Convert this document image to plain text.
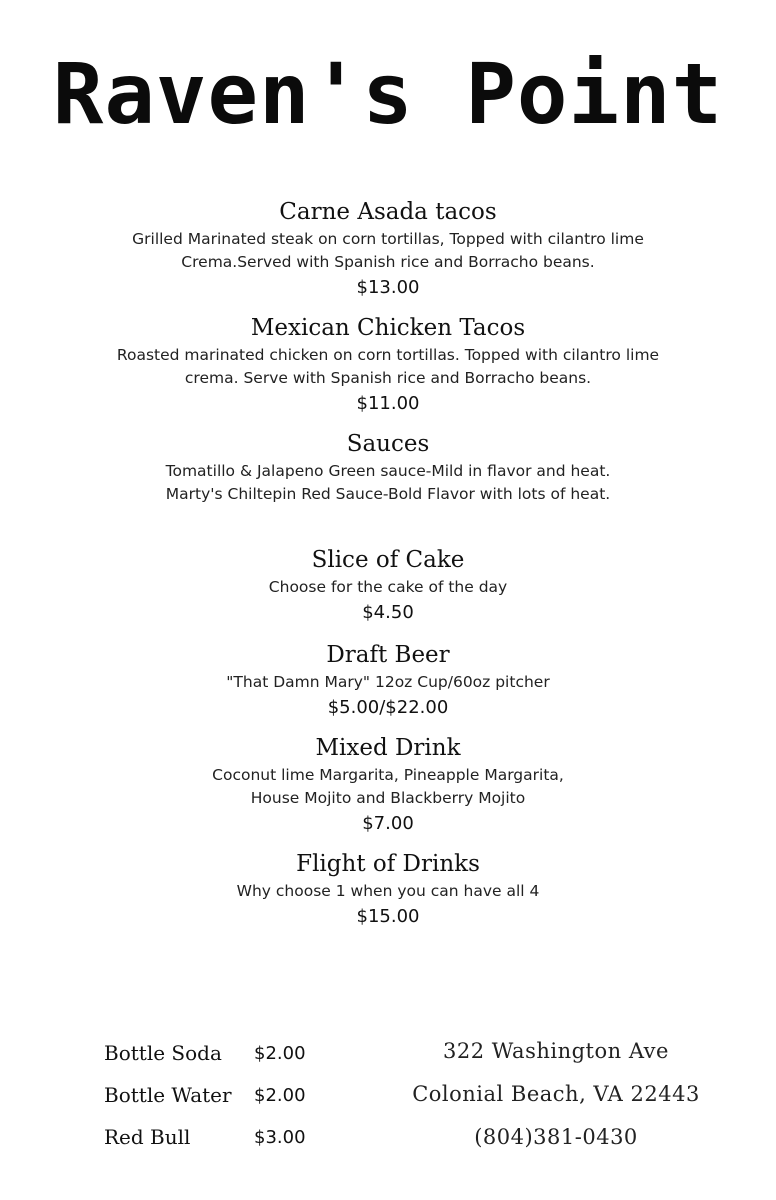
Raven's Point
Carne Asada tacos
Grilled Marinated steak on corn tortillas, Topped with cilantro lime
Crema.Served with Spanish rice and Borracho beans.
$13.00
Mexican Chicken Tacos
Roasted marinated chicken on corn tortillas. Topped with cilantro lime
crema. Serve with Spanish rice and Borracho beans.
$11.00
Sauces
Tomatillo & Jalapeno Green sauce-Mild in flavor and heat.
Marty's Chiltepin Red Sauce-Bold Flavor with lots of heat.
Slice of Cake
Choose for the cake of the day
$4.50
Draft Beer
"That Damn Mary" 12oz Cup/60oz pitcher
$5.00/$22.00
Mixed Drink
Coconut lime Margarita, Pineapple Margarita,
House Mojito and Blackberry Mojito
$7.00
Flight of Drinks
Why choose 1 when you can have all 4
$15.00
Bottle Soda	$2.00
Bottle Water	$2.00
Red Bull	$3.00
322 Washington Ave
Colonial Beach, VA 22443
(804)381-0430
